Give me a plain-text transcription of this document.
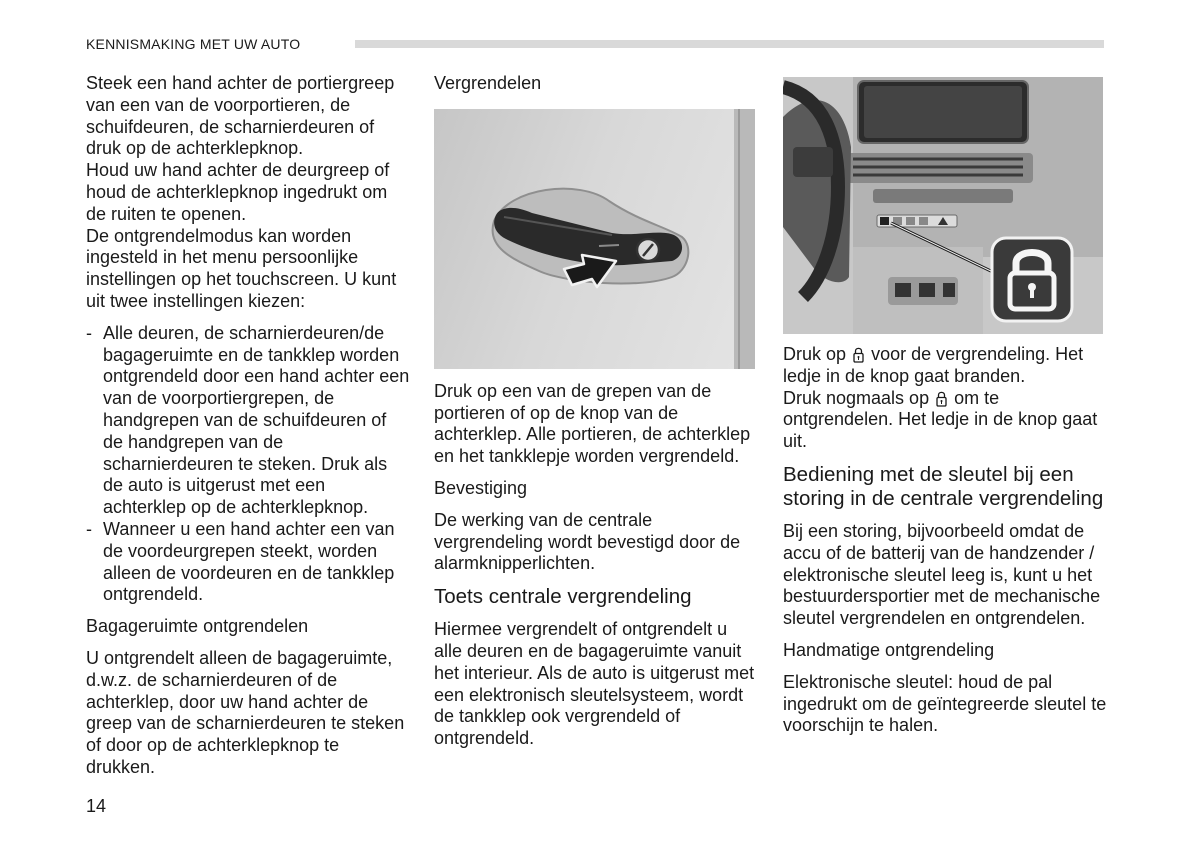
KENNISMAKING MET UW AUTO

Steek een hand achter de portiergreep van een van de voorportieren, de schuifdeuren, de scharnierdeuren of druk op de achterklepknop.

Houd uw hand achter de deurgreep of houd de achterklepknop ingedrukt om de ruiten te openen.

De ontgrendelmodus kan worden ingesteld in het menu persoonlijke instellingen op het touchscreen. U kunt uit twee instellingen kiezen:

- Alle deuren, de scharnierdeuren/de bagageruimte en de tankklep worden ontgrendeld door een hand achter een van de voorportiergrepen, de handgrepen van de schuifdeuren of de handgrepen van de scharnierdeuren te steken. Druk als de auto is uitgerust met een achterklep op de achterklepknop.
- Wanneer u een hand achter een van de voordeurgrepen steekt, worden alleen de voordeuren en de tankklep ontgrendeld.

Bagageruimte ontgrendelen

U ontgrendelt alleen de bagageruimte, d.w.z. de scharnierdeuren of de achterklep, door uw hand achter de greep van de scharnierdeuren te steken of door op de achterklepknop te drukken.

Vergrendelen

Druk op een van de grepen van de portieren of op de knop van de achterklep. Alle portieren, de achterklep en het tankklepje worden vergrendeld.

Bevestiging

De werking van de centrale vergrendeling wordt bevestigd door de alarmknipperlichten.

Toets centrale vergrendeling

Hiermee vergrendelt of ontgrendelt u alle deuren en de bagageruimte vanuit het interieur. Als de auto is uitgerust met een elektronisch sleutelsysteem, wordt de tankklep ook vergrendeld of ontgrendeld.

Druk op voor de vergrendeling. Het ledje in de knop gaat branden.

Druk nogmaals op om te ontgrendelen. Het ledje in de knop gaat uit.

Bediening met de sleutel bij een storing in de centrale vergrendeling

Bij een storing, bijvoorbeeld omdat de accu of de batterij van de handzender / elektronische sleutel leeg is, kunt u het bestuurdersportier met de mechanische sleutel vergrendelen en ontgrendelen.

Handmatige ontgrendeling

Elektronische sleutel: houd de pal ingedrukt om de geïntegreerde sleutel te voorschijn te halen.

14
